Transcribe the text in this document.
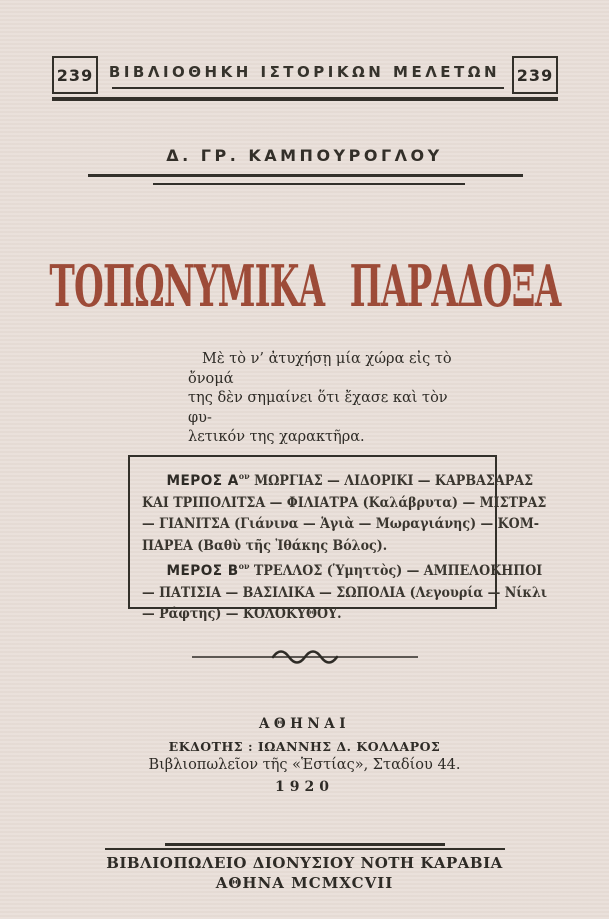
239	ΒΙΒΛΙΟΘΗΚΗ ΙΣΤΟΡΙΚΩΝ ΜΕΛΕΤΩΝ	239
Δ. ΓΡ. ΚΑΜΠΟΥΡΟΓΛΟΥ
ΤΟΠΩΝΥΜΙΚΑ ΠΑΡΑΔΟΞΑ
Μὲ τὸ ν’ ἀτυχήσῃ μία χώρα εἰς τὸ ὄνομά
της δὲν σημαίνει ὅτι ἔχασε καὶ τὸν φυ-
λετικόν της χαρακτῆρα.
ΜΕΡΟΣ $A^{o\nu}$ ΜΩΡΓΙΑΣ — ΛΙΔΟΡΙΚΙ — ΚΑΡΒΑΣΑΡΑΣ
ΚΑΙ ΤΡΙΠΟΛΙΤΣΑ — ΦΙΛΙΑΤΡΑ (Καλάβρυτα) — ΜΙΣΤΡΑΣ
— ΓΙΑΝΙΤΣΑ (Γιάνινα — Ἁγιὰ — Μωραγιάνης) — ΚΟΜ-
ΠΑΡΕΑ (Βαθὺ τῆς Ἰθάκης Βόλος).
ΜΕΡΟΣ $B^{o\nu}$ ΤΡΕΛΛΟΣ (Ὑμηττὸς) — ΑΜΠΕΛΟΚΗΠΟΙ
— ΠΑΤΙΣΙΑ — ΒΑΣΙΛΙΚΑ — ΣΩΠΟΛΙΑ (Λεγουρία — Νίκλι
— Ράφτης) — ΚΟΛΟΚΥΘΟΥ.
ΑΘΗΝΑΙ
ΕΚΔΟΤΗΣ : ΙΩΑΝΝΗΣ Δ. ΚΟΛΛΑΡΟΣ
Βιβλιοπωλεῖον τῆς «Ἑστίας», Σταδίου 44.
1920
ΒΙΒΛΙΟΠΩΛΕΙΟ ΔΙΟΝΥΣΙΟΥ ΝΟΤΗ ΚΑΡΑΒΙΑ
ΑΘΗΝΑ MCMXCVII
